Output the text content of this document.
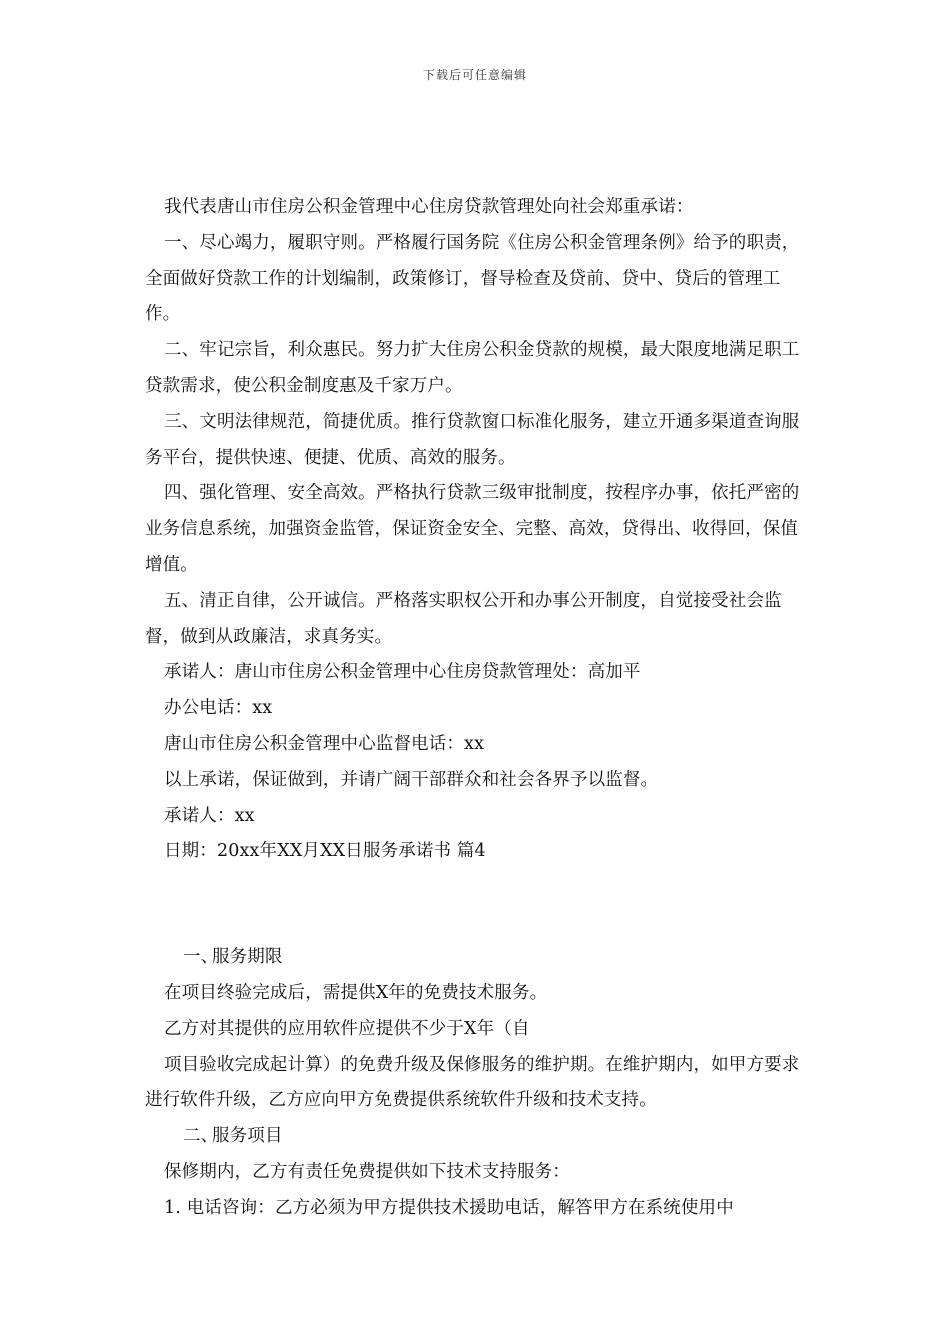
下载后可任意编辑

我代表唐山市住房公积金管理中心住房贷款管理处向社会郑重承诺：

一、尽心竭力，履职守则。严格履行国务院《住房公积金管理条例》给予的职责，全面做好贷款工作的计划编制，政策修订，督导检查及贷前、贷中、贷后的管理工作。

二、牢记宗旨，利众惠民。努力扩大住房公积金贷款的规模，最大限度地满足职工贷款需求，使公积金制度惠及千家万户。

三、文明法律规范，简捷优质。推行贷款窗口标准化服务，建立开通多渠道查询服务平台，提供快速、便捷、优质、高效的服务。

四、强化管理、安全高效。严格执行贷款三级审批制度，按程序办事，依托严密的业务信息系统，加强资金监管，保证资金安全、完整、高效，贷得出、收得回，保值增值。

五、清正自律，公开诚信。严格落实职权公开和办事公开制度，自觉接受社会监督，做到从政廉洁，求真务实。

承诺人：唐山市住房公积金管理中心住房贷款管理处：高加平

办公电话：xx

唐山市住房公积金管理中心监督电话：xx

以上承诺，保证做到，并请广阔干部群众和社会各界予以监督。

承诺人：xx

日期：20xx年XX月XX日服务承诺书 篇4

一、服务期限

在项目终验完成后，需提供X年的免费技术服务。

乙方对其提供的应用软件应提供不少于X年（自

项目验收完成起计算）的免费升级及保修服务的维护期。在维护期内，如甲方要求进行软件升级，乙方应向甲方免费提供系统软件升级和技术支持。

二、服务项目

保修期内，乙方有责任免费提供如下技术支持服务：

1. 电话咨询：乙方必须为甲方提供技术援助电话，解答甲方在系统使用中
